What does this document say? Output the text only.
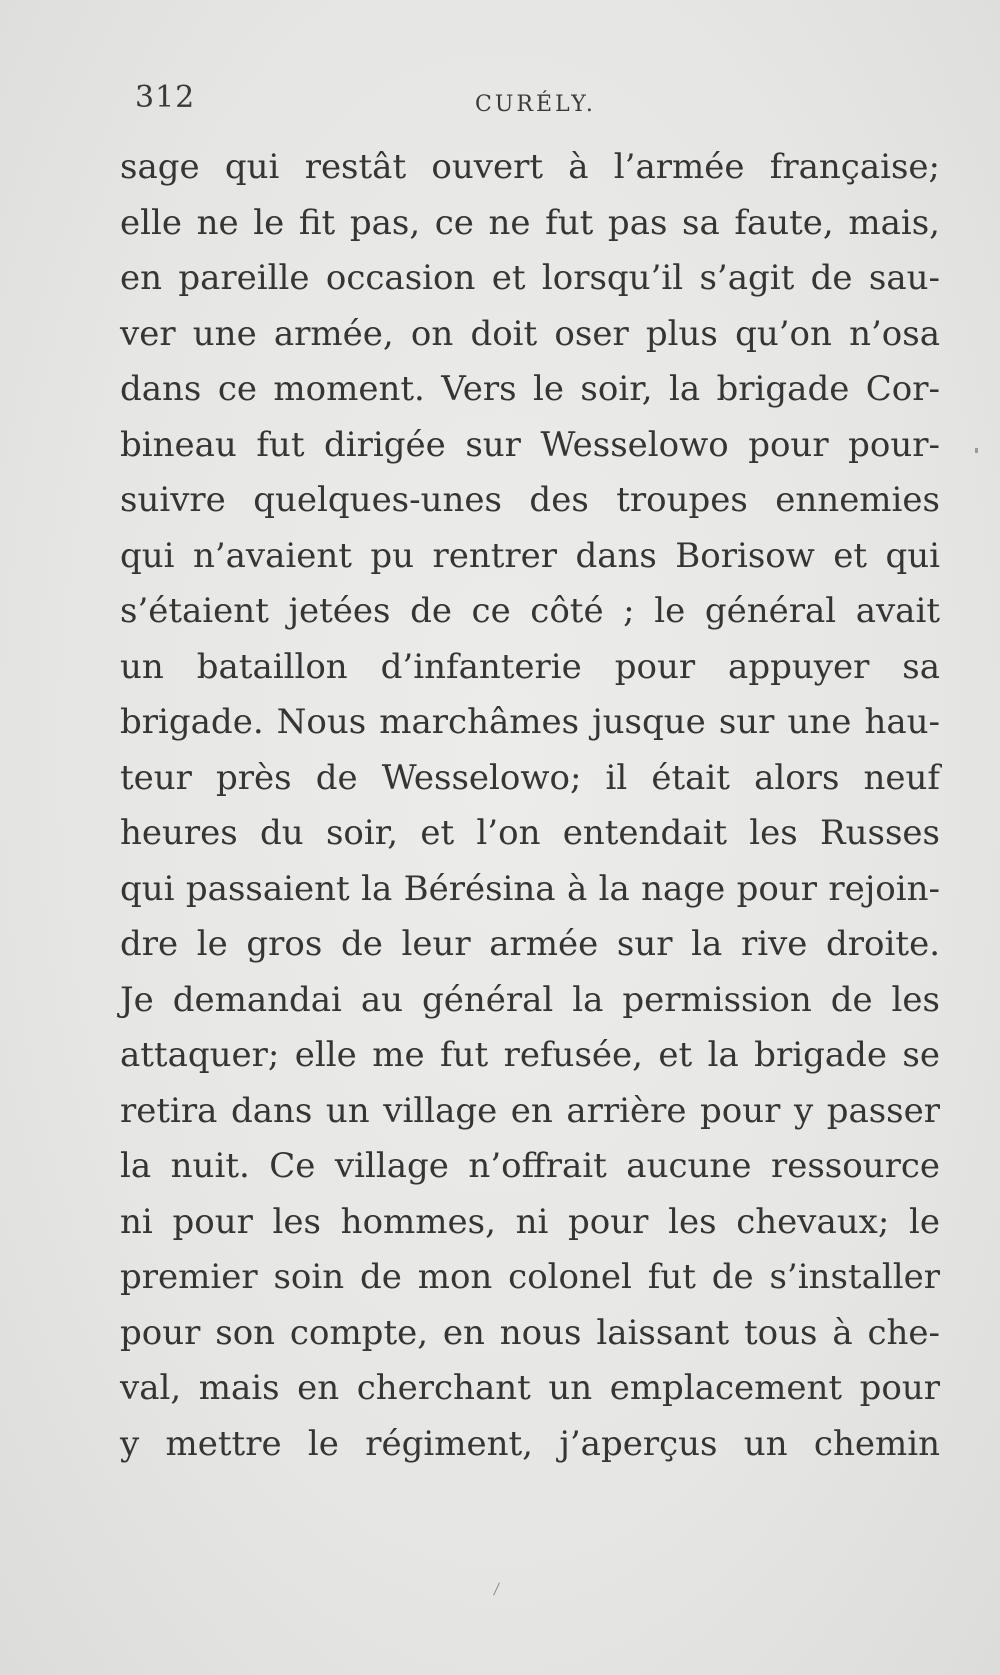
312	CURÉLY.
sage qui restât ouvert à l’armée française;
elle ne le fit pas, ce ne fut pas sa faute, mais,
en pareille occasion et lorsqu’il s’agit de sau-
ver une armée, on doit oser plus qu’on n’osa
dans ce moment. Vers le soir, la brigade Cor-
bineau fut dirigée sur Wesselowo pour pour-
suivre quelques-unes des troupes ennemies
qui n’avaient pu rentrer dans Borisow et qui
s’étaient jetées de ce côté ; le général avait
un bataillon d’infanterie pour appuyer sa
brigade. Nous marchâmes jusque sur une hau-
teur près de Wesselowo; il était alors neuf
heures du soir, et l’on entendait les Russes
qui passaient la Bérésina à la nage pour rejoin-
dre le gros de leur armée sur la rive droite.
Je demandai au général la permission de les
attaquer; elle me fut refusée, et la brigade se
retira dans un village en arrière pour y passer
la nuit. Ce village n’offrait aucune ressource
ni pour les hommes, ni pour les chevaux; le
premier soin de mon colonel fut de s’installer
pour son compte, en nous laissant tous à che-
val, mais en cherchant un emplacement pour
y mettre le régiment, j’aperçus un chemin
